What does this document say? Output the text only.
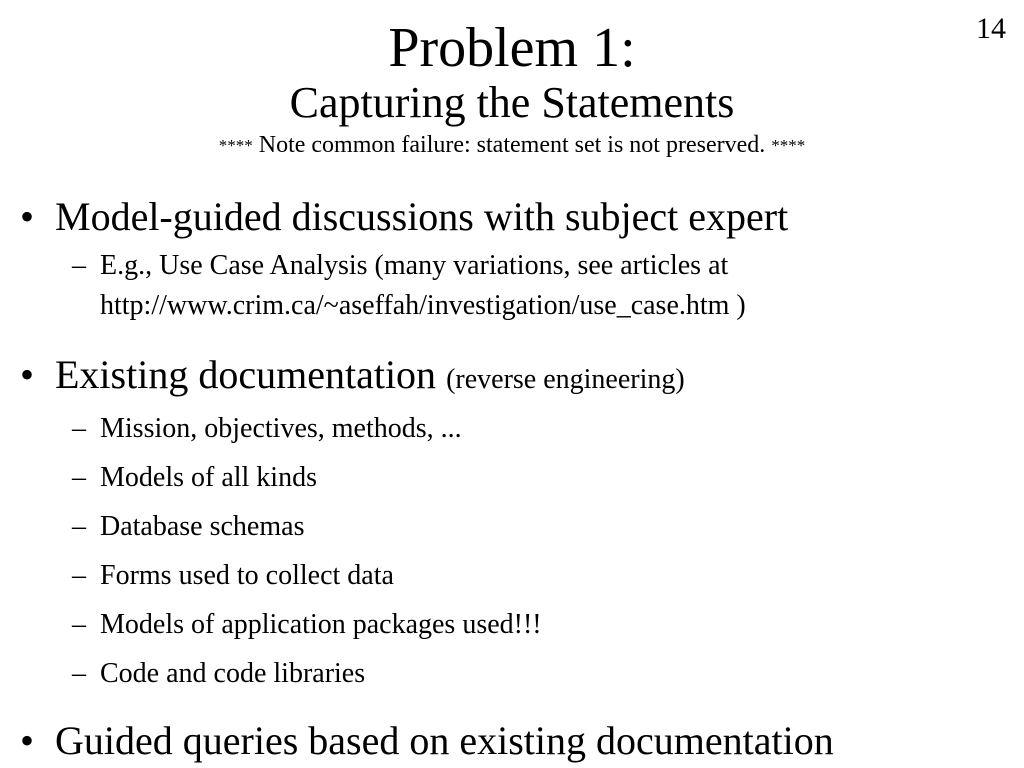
14
Problem 1:
Capturing the Statements
**** Note common failure: statement set is not preserved. ****
• Model-guided discussions with subject expert
– E.g., Use Case Analysis (many variations, see articles at
http://www.crim.ca/~aseffah/investigation/use_case.htm )
• Existing documentation (reverse engineering)
– Mission, objectives, methods, ...
– Models of all kinds
– Database schemas
– Forms used to collect data
– Models of application packages used!!!
– Code and code libraries
• Guided queries based on existing documentation
